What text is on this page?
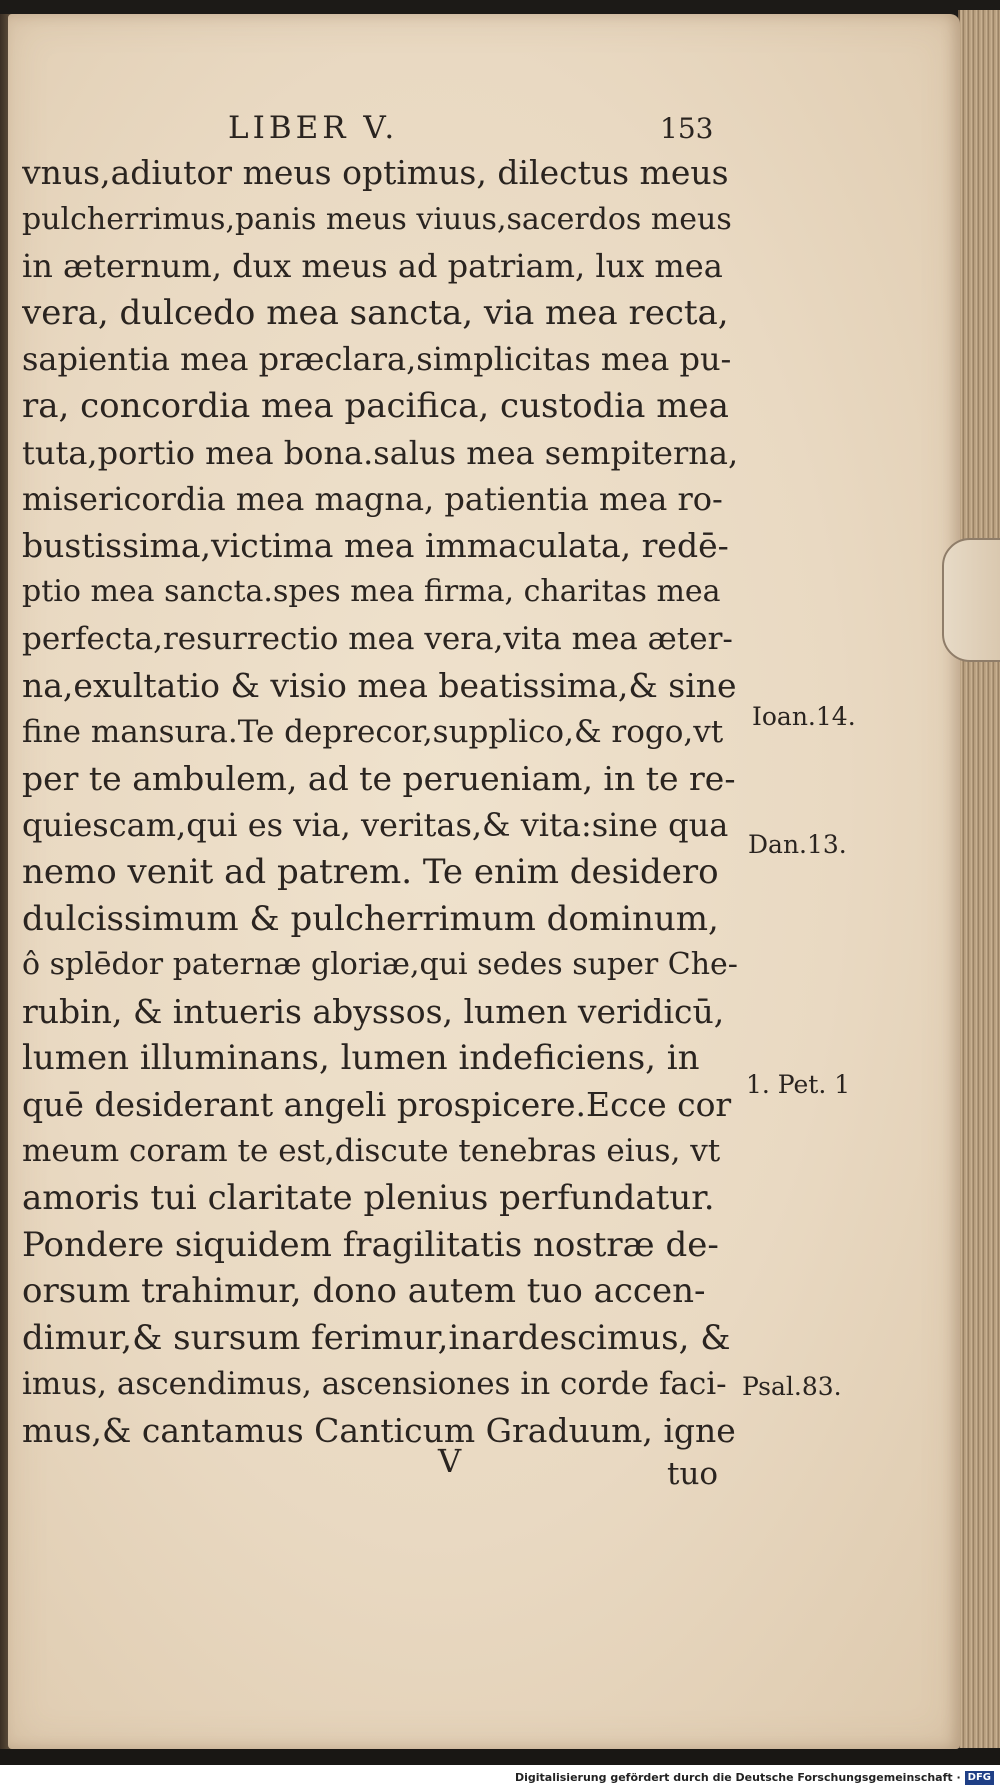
LIBER V.	153
vnus,adiutor meus optimus, dilectus meus
pulcherrimus,panis meus viuus,sacerdos meus
in æternum, dux meus ad patriam, lux mea
vera, dulcedo mea sancta, via mea recta,
sapientia mea præclara,simplicitas mea pu-
ra, concordia mea pacifica, custodia mea
tuta,portio mea bona.salus mea sempiterna,
misericordia mea magna, patientia mea ro-
bustissima,victima mea immaculata, redē-
ptio mea sancta.spes mea firma, charitas mea
perfecta,resurrectio mea vera,vita mea æter-
na,exultatio & visio mea beatissima,& sine
fine mansura.Te deprecor,supplico,& rogo,vt
per te ambulem, ad te perueniam, in te re-
quiescam,qui es via, veritas,& vita:sine qua
nemo venit ad patrem. Te enim desidero
dulcissimum & pulcherrimum dominum,
ô splēdor paternæ gloriæ,qui sedes super Che-
rubin, & intueris abyssos, lumen veridicū,
lumen illuminans, lumen indeficiens, in
quē desiderant angeli prospicere.Ecce cor
meum coram te est,discute tenebras eius, vt
amoris tui claritate plenius perfundatur.
Pondere siquidem fragilitatis nostræ de-
orsum trahimur, dono autem tuo accen-
dimur,& sursum ferimur,inardescimus, &
imus, ascendimus, ascensiones in corde faci-
mus,& cantamus Canticum Graduum, igne
Ioan.14.
Dan.13.
1. Pet. 1
Psal.83.
V	tuo
Digitalisierung gefördert durch die Deutsche Forschungsgemeinschaft · DFG
